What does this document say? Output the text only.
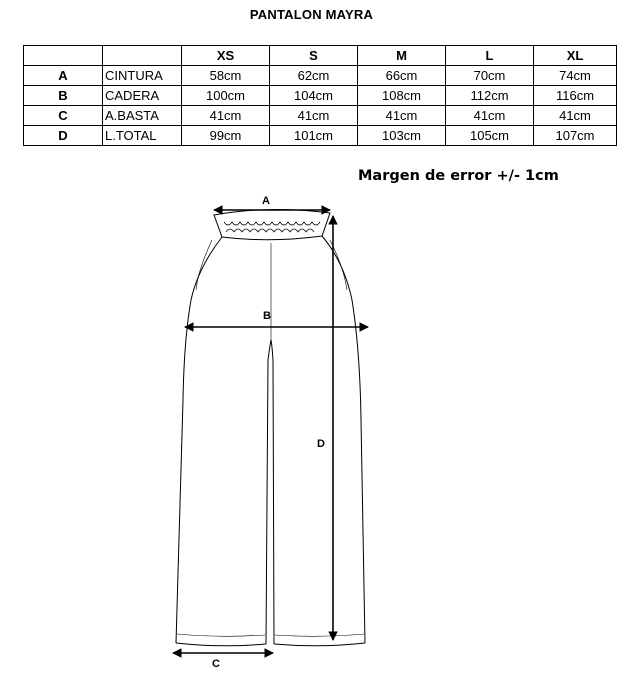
PANTALON MAYRA
		XS	S	M	L	XL
A	CINTURA	58cm	62cm	66cm	70cm	74cm
B	CADERA	100cm	104cm	108cm	112cm	116cm
C	A.BASTA	41cm	41cm	41cm	41cm	41cm
D	L.TOTAL	99cm	101cm	103cm	105cm	107cm
Margen de error +/- 1cm
A
B
D
C
